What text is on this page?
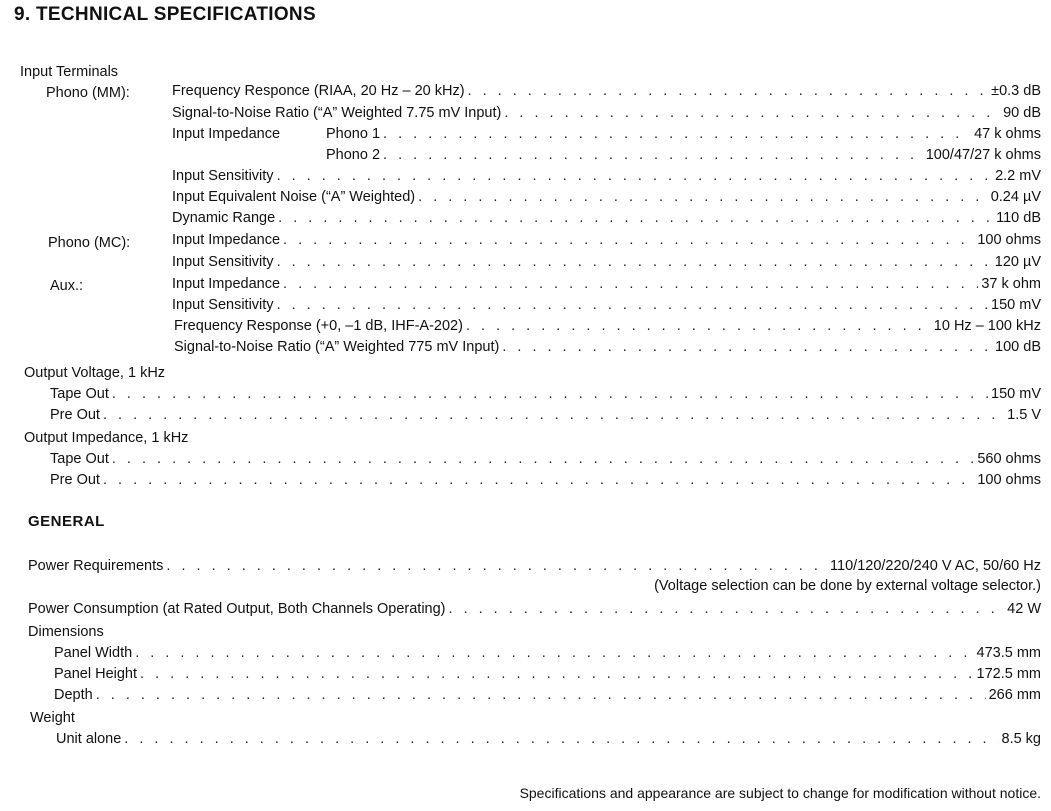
9. TECHNICAL SPECIFICATIONS
Input Terminals
Phono (MM):	Frequency Responce (RIAA, 20 Hz – 20 kHz) . . .	±0.3 dB
Signal-to-Noise Ratio (“A” Weighted 7.75 mV Input) . . .	90 dB
Input Impedance	Phono 1 . . .	47 k ohms
Phono 2 . . .	100/47/27 k ohms
Input Sensitivity . . .	2.2 mV
Input Equivalent Noise (“A” Weighted) . . .	0.24 µV
Dynamic Range . . .	110 dB
Phono (MC):	Input Impedance . . .	100 ohms
Input Sensitivity . . .	120 µV
Aux.:	Input Impedance . . .	37 k ohm
Input Sensitivity . . .	150 mV
Frequency Response (+0, –1 dB, IHF-A-202) . . .	10 Hz – 100 kHz
Signal-to-Noise Ratio (“A” Weighted 775 mV Input) . . .	100 dB
Output Voltage, 1 kHz
Tape Out . . .	150 mV
Pre Out . . .	1.5 V
Output Impedance, 1 kHz
Tape Out . . .	560 ohms
Pre Out . . .	100 ohms
GENERAL
Power Requirements . . .	110/120/220/240 V AC, 50/60 Hz
(Voltage selection can be done by external voltage selector.)
Power Consumption (at Rated Output, Both Channels Operating) . . .	42 W
Dimensions
Panel Width . . .	473.5 mm
Panel Height . . .	172.5 mm
Depth . . .	266 mm
Weight
Unit alone . . .	8.5 kg
Specifications and appearance are subject to change for modification without notice.
